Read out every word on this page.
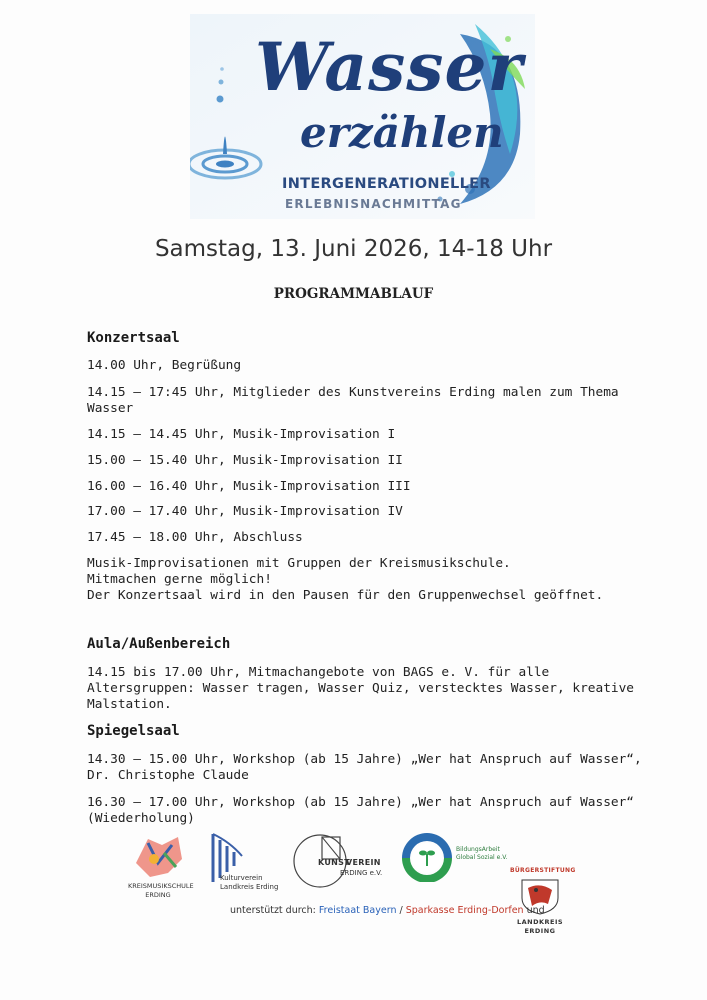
Wasser
erzählen
INTERGENERATIONELLER
ERLEBNISNACHMITTAG
Samstag, 13. Juni 2026, 14-18 Uhr
PROGRAMMABLAUF
Konzertsaal
14.00 Uhr, Begrüßung
14.15 – 17:45 Uhr, Mitglieder des Kunstvereins Erding malen zum Thema Wasser
14.15 – 14.45 Uhr, Musik-Improvisation I
15.00 – 15.40 Uhr, Musik-Improvisation II
16.00 – 16.40 Uhr, Musik-Improvisation III
17.00 – 17.40 Uhr, Musik-Improvisation IV
17.45 – 18.00 Uhr, Abschluss
Musik-Improvisationen mit Gruppen der Kreismusikschule.
Mitmachen gerne möglich!
Der Konzertsaal wird in den Pausen für den Gruppenwechsel geöffnet.
Aula/Außenbereich
14.15 bis 17.00 Uhr, Mitmachangebote von BAGS e. V. für alle Altersgruppen: Wasser tragen, Wasser Quiz, verstecktes Wasser, kreative Malstation.
Spiegelsaal
14.30 – 15.00 Uhr, Workshop (ab 15 Jahre) „Wer hat Anspruch auf Wasser“, Dr. Christophe Claude
16.30 – 17.00 Uhr, Workshop (ab 15 Jahre) „Wer hat Anspruch auf Wasser“ (Wiederholung)
KREISMUSIKSCHULE
ERDING
Kulturverein
Landkreis Erding
KUNST
VEREIN
ERDING e.V.
BildungsArbeit
Global Sozial e.V.
BÜRGERSTIFTUNG
LANDKREIS
ERDING
unterstützt durch: Freistaat Bayern / Sparkasse Erding-Dorfen und
